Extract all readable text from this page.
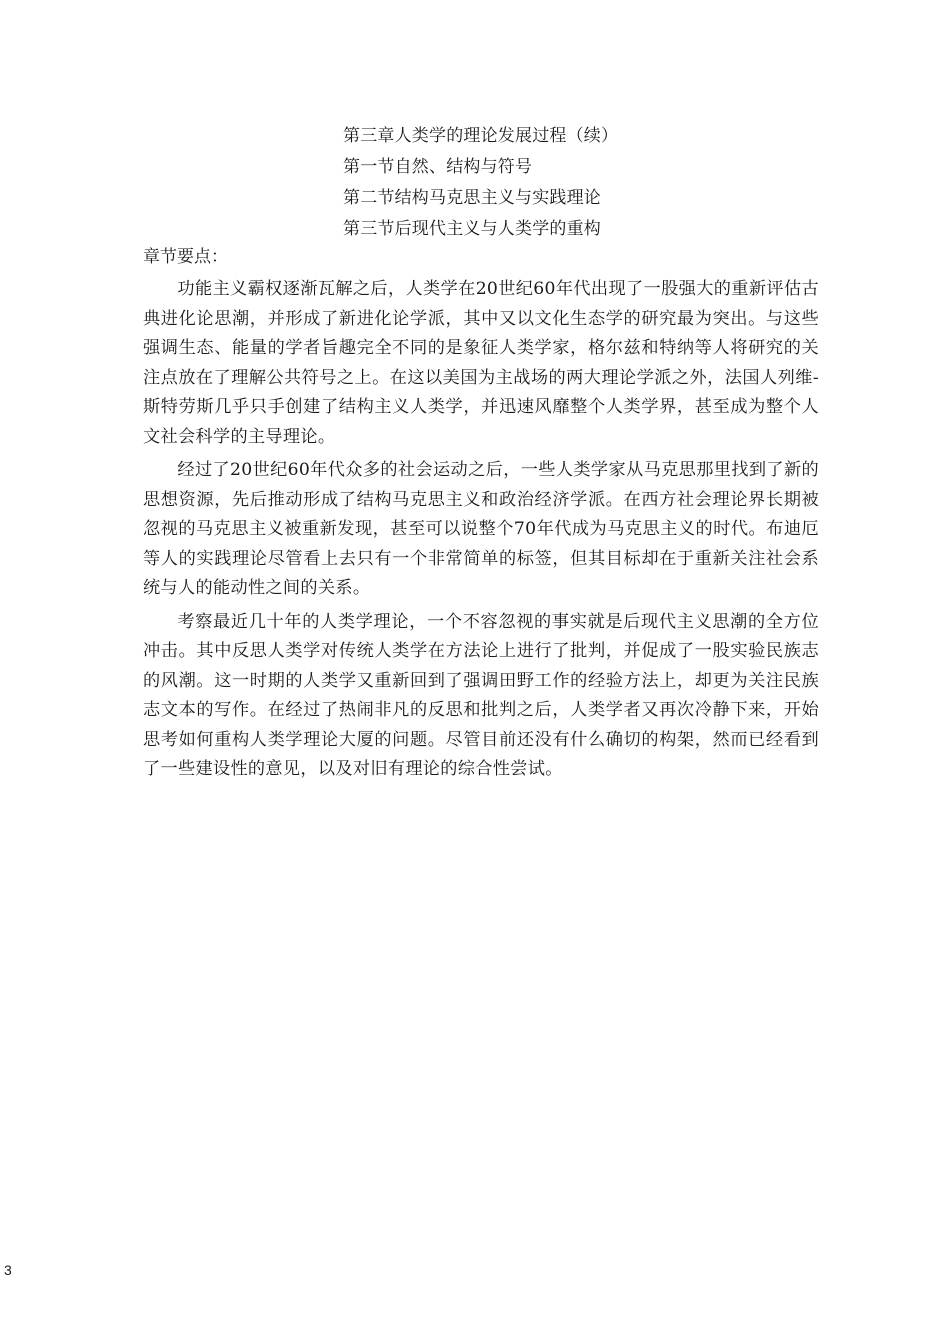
第三章人类学的理论发展过程（续）
第一节自然、结构与符号
第二节结构马克思主义与实践理论
第三节后现代主义与人类学的重构
章节要点：

功能主义霸权逐渐瓦解之后，人类学在20世纪60年代出现了一股强大的重新评估古典进化论思潮，并形成了新进化论学派，其中又以文化生态学的研究最为突出。与这些强调生态、能量的学者旨趣完全不同的是象征人类学家，格尔兹和特纳等人将研究的关注点放在了理解公共符号之上。在这以美国为主战场的两大理论学派之外，法国人列维-斯特劳斯几乎只手创建了结构主义人类学，并迅速风靡整个人类学界，甚至成为整个人文社会科学的主导理论。

经过了20世纪60年代众多的社会运动之后，一些人类学家从马克思那里找到了新的思想资源，先后推动形成了结构马克思主义和政治经济学派。在西方社会理论界长期被忽视的马克思主义被重新发现，甚至可以说整个70年代成为马克思主义的时代。布迪厄等人的实践理论尽管看上去只有一个非常简单的标签，但其目标却在于重新关注社会系统与人的能动性之间的关系。

考察最近几十年的人类学理论，一个不容忽视的事实就是后现代主义思潮的全方位冲击。其中反思人类学对传统人类学在方法论上进行了批判，并促成了一股实验民族志的风潮。这一时期的人类学又重新回到了强调田野工作的经验方法上，却更为关注民族志文本的写作。在经过了热闹非凡的反思和批判之后，人类学者又再次冷静下来，开始思考如何重构人类学理论大厦的问题。尽管目前还没有什么确切的构架，然而已经看到了一些建设性的意见，以及对旧有理论的综合性尝试。

3
